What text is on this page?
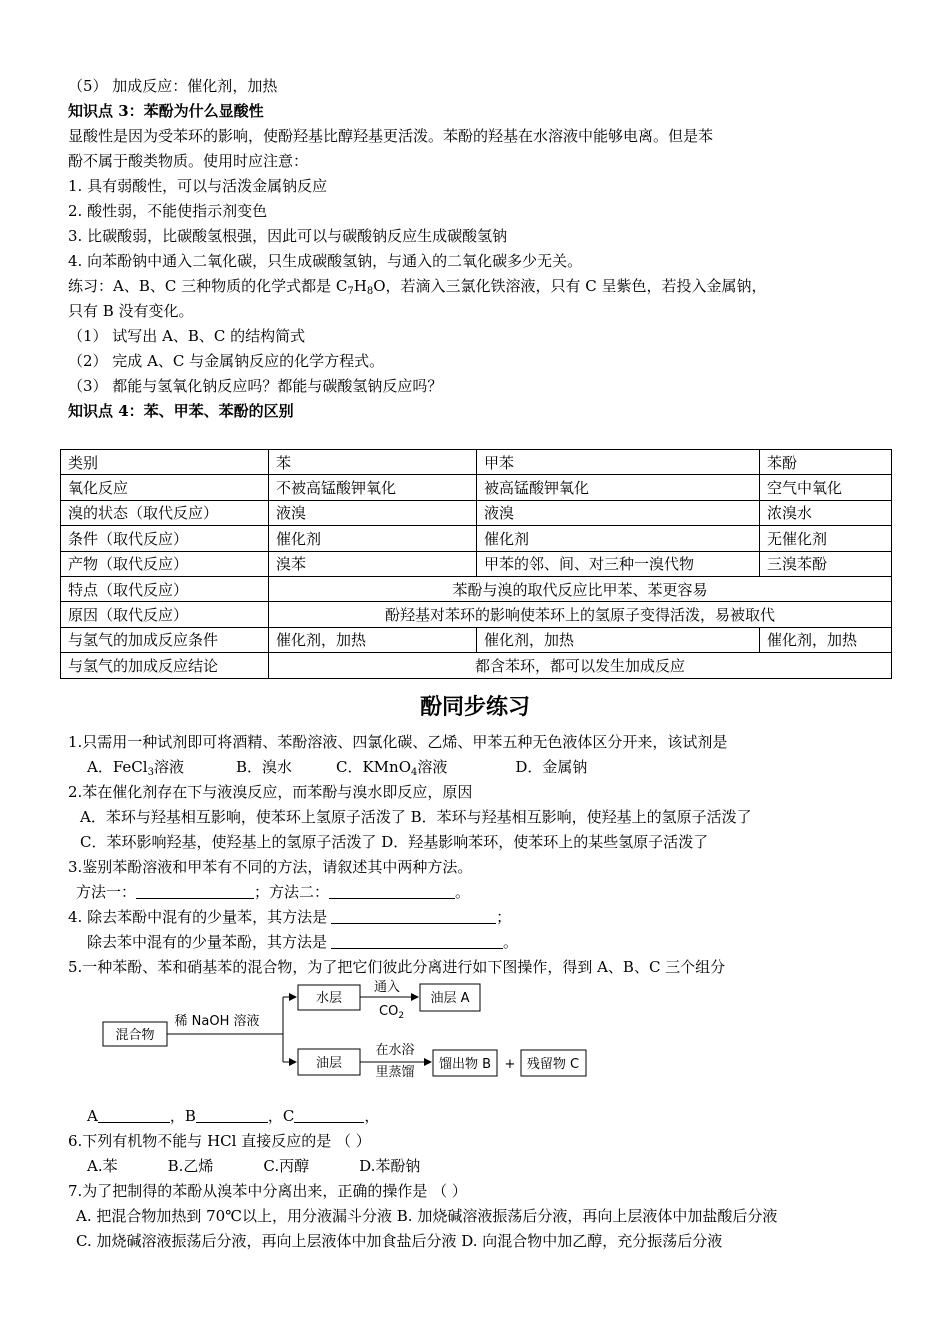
（5） 加成反应：催化剂，加热
知识点 3：苯酚为什么显酸性
显酸性是因为受苯环的影响，使酚羟基比醇羟基更活泼。苯酚的羟基在水溶液中能够电离。但是苯
酚不属于酸类物质。使用时应注意：
1. 具有弱酸性，可以与活泼金属钠反应
2. 酸性弱，不能使指示剂变色
3. 比碳酸弱，比碳酸氢根强，因此可以与碳酸钠反应生成碳酸氢钠
4. 向苯酚钠中通入二氧化碳，只生成碳酸氢钠，与通入的二氧化碳多少无关。
练习：A、B、C 三种物质的化学式都是 $C_7H_8O$，若滴入三氯化铁溶液，只有 C 呈紫色，若投入金属钠，
只有 B 没有变化。
（1） 试写出 A、B、C 的结构简式
（2） 完成 A、C 与金属钠反应的化学方程式。
（3） 都能与氢氧化钠反应吗？都能与碳酸氢钠反应吗？
知识点 4：苯、甲苯、苯酚的区别
类别	苯	甲苯	苯酚
氧化反应	不被高锰酸钾氧化	被高锰酸钾氧化	空气中氧化
溴的状态（取代反应）	液溴	液溴	浓溴水
条件（取代反应）	催化剂	催化剂	无催化剂
产物（取代反应）	溴苯	甲苯的邻、间、对三种一溴代物	三溴苯酚
特点（取代反应）	苯酚与溴的取代反应比甲苯、苯更容易		
原因（取代反应）	酚羟基对苯环的影响使苯环上的氢原子变得活泼，易被取代		
与氢气的加成反应条件	催化剂，加热	催化剂，加热	催化剂，加热
与氢气的加成反应结论	都含苯环，都可以发生加成反应		
酚同步练习
1.只需用一种试剂即可将酒精、苯酚溶液、四氯化碳、乙烯、甲苯五种无色液体区分开来，该试剂是
A．FeCl$_3$溶液	B．溴水	C．KMnO$_4$溶液	D．金属钠
2.苯在催化剂存在下与液溴反应，而苯酚与溴水即反应，原因
A．苯环与羟基相互影响，使苯环上氢原子活泼了 B．苯环与羟基相互影响，使羟基上的氢原子活泼了
C．苯环影响羟基，使羟基上的氢原子活泼了 D．羟基影响苯环，使苯环上的某些氢原子活泼了
3.鉴别苯酚溶液和甲苯有不同的方法，请叙述其中两种方法。
方法一：	；方法二：	。
4. 除去苯酚中混有的少量苯，其方法是	；
除去苯中混有的少量苯酚，其方法是	。
5.一种苯酚、苯和硝基苯的混合物，为了把它们彼此分离进行如下图操作，得到 A、B、C 三个组分
混合物
稀 NaOH 溶液
水层
通入
$CO_2$
油层 A
油层
在水浴
里蒸馏
馏出物 B + 残留物 C
A	，B	，C	，
6.下列有机物不能与 HCl 直接反应的是 （ ）
A.苯	B.乙烯	C.丙醇	D.苯酚钠
7.为了把制得的苯酚从溴苯中分离出来，正确的操作是 （ ）
A. 把混合物加热到 70℃以上，用分液漏斗分液 B. 加烧碱溶液振荡后分液，再向上层液体中加盐酸后分液
C. 加烧碱溶液振荡后分液，再向上层液体中加食盐后分液 D. 向混合物中加乙醇，充分振荡后分液
